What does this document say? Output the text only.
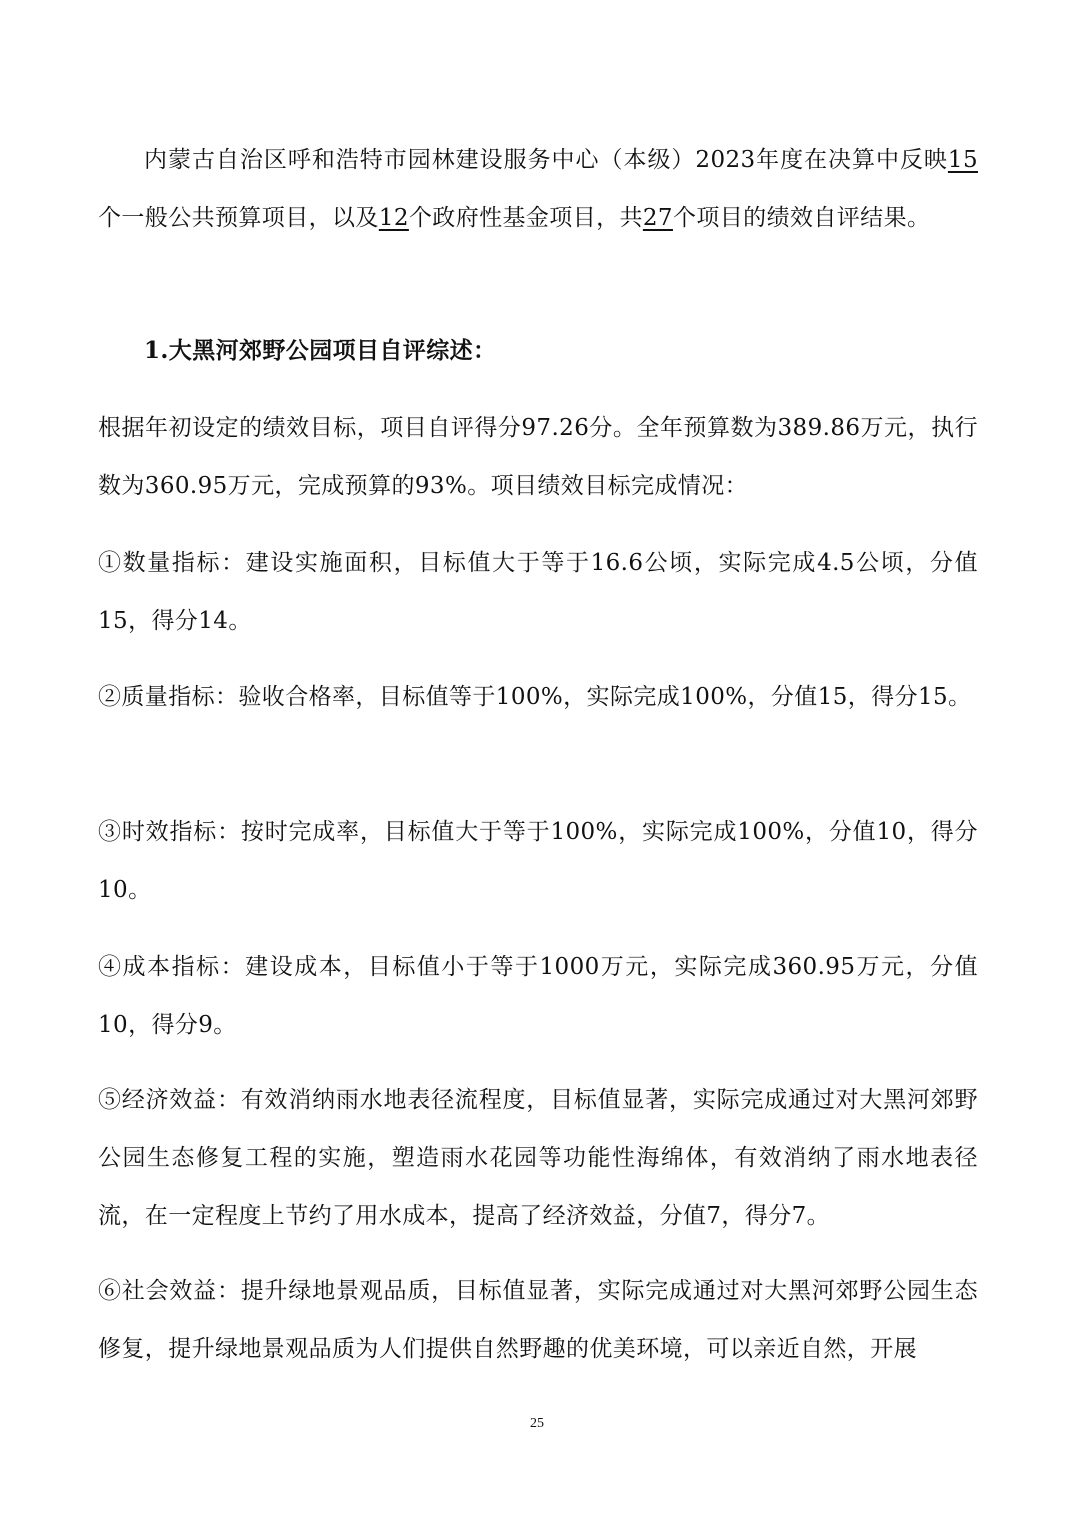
内蒙古自治区呼和浩特市园林建设服务中心（本级）2023年度在决算中反映15个一般公共预算项目，以及12个政府性基金项目，共27个项目的绩效自评结果。

1.大黑河郊野公园项目自评综述：

根据年初设定的绩效目标，项目自评得分97.26分。全年预算数为389.86万元，执行数为360.95万元，完成预算的93%。项目绩效目标完成情况：

①数量指标：建设实施面积，目标值大于等于16.6公顷，实际完成4.5公顷，分值15，得分14。

②质量指标：验收合格率，目标值等于100%，实际完成100%，分值15，得分15。

③时效指标：按时完成率，目标值大于等于100%，实际完成100%，分值10，得分10。

④成本指标：建设成本，目标值小于等于1000万元，实际完成360.95万元，分值10，得分9。

⑤经济效益：有效消纳雨水地表径流程度，目标值显著，实际完成通过对大黑河郊野公园生态修复工程的实施，塑造雨水花园等功能性海绵体，有效消纳了雨水地表径流，在一定程度上节约了用水成本，提高了经济效益，分值7，得分7。

⑥社会效益：提升绿地景观品质，目标值显著，实际完成通过对大黑河郊野公园生态修复，提升绿地景观品质为人们提供自然野趣的优美环境，可以亲近自然，开展

25
